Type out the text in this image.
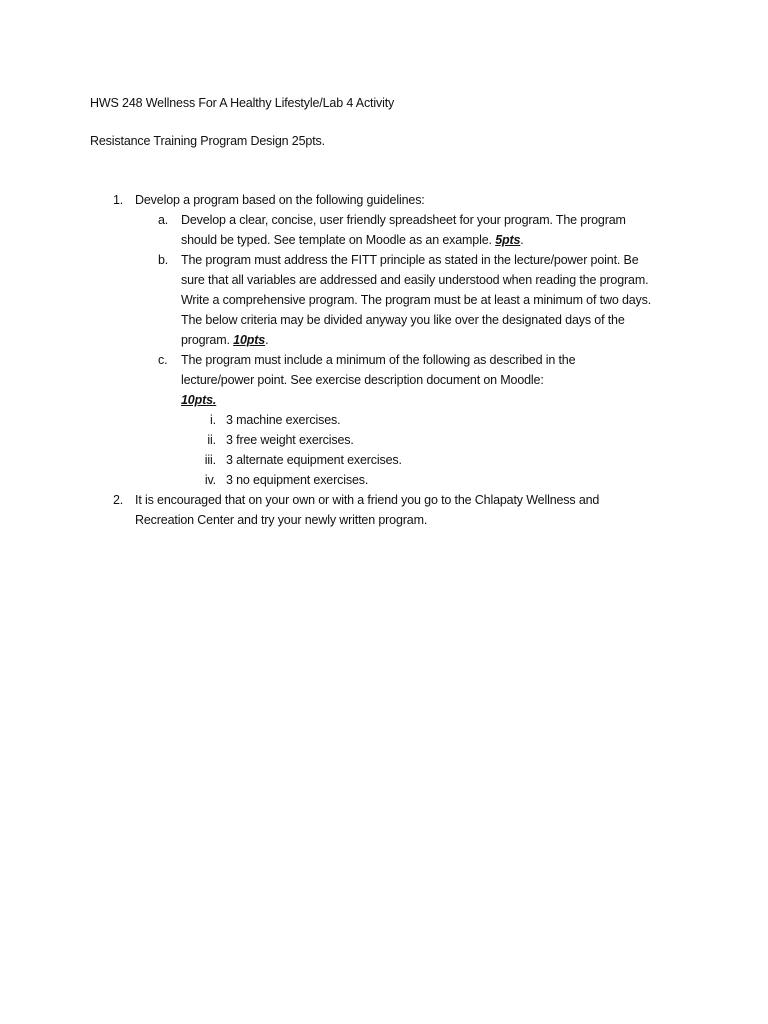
HWS 248 Wellness For A Healthy Lifestyle/Lab 4 Activity
Resistance Training Program Design 25pts.
1. Develop a program based on the following guidelines:
a. Develop a clear, concise, user friendly spreadsheet for your program. The program
should be typed. See template on Moodle as an example. 5pts.
b. The program must address the FITT principle as stated in the lecture/power point. Be
sure that all variables are addressed and easily understood when reading the program.
Write a comprehensive program. The program must be at least a minimum of two days.
The below criteria may be divided anyway you like over the designated days of the
program. 10pts.
c. The program must include a minimum of the following as described in the
lecture/power point. See exercise description document on Moodle:
10pts.
i. 3 machine exercises.
ii. 3 free weight exercises.
iii. 3 alternate equipment exercises.
iv. 3 no equipment exercises.
2. It is encouraged that on your own or with a friend you go to the Chlapaty Wellness and
Recreation Center and try your newly written program.
